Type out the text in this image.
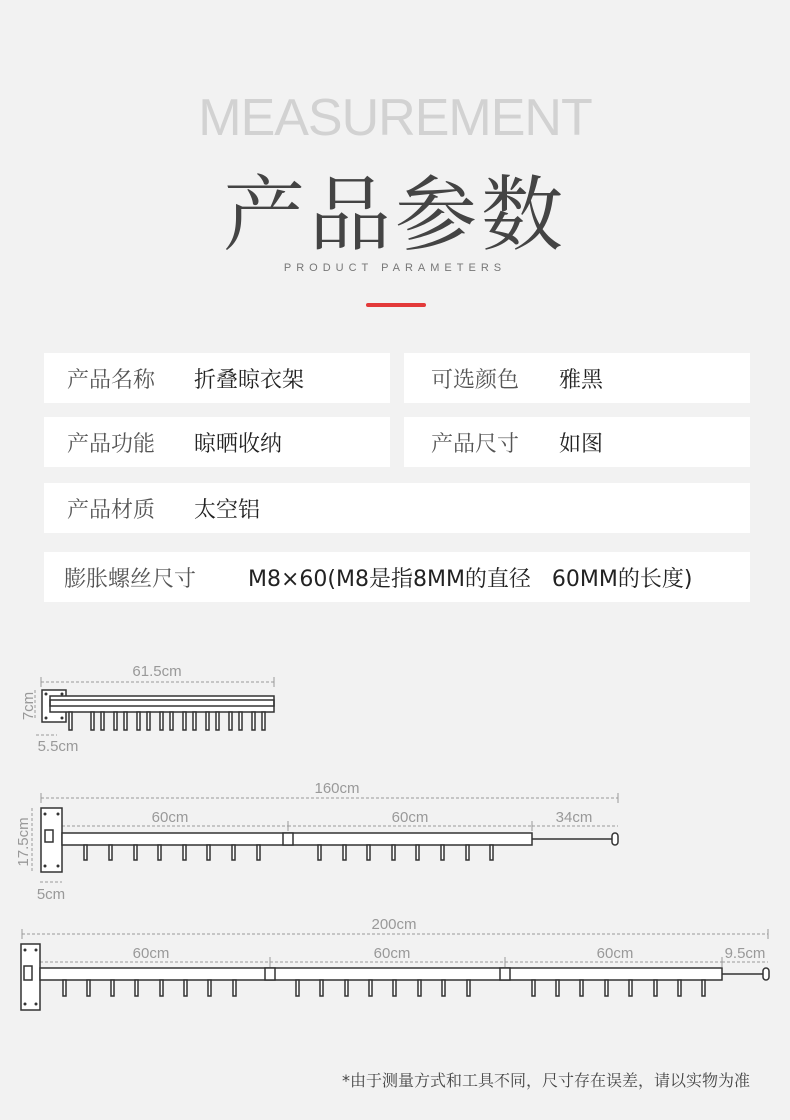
MEASUREMENT
产品参数
PRODUCT PARAMETERS
产品名称 折叠晾衣架	可选颜色 雅黑
产品功能 晾晒收纳	产品尺寸 如图
产品材质 太空铝
膨胀螺丝尺寸 M8×60(M8是指8MM的直径   60MM的长度)
61.5cm
7cm
5.5cm
160cm
60cm	60cm	34cm
17.5cm
5cm
200cm
60cm	60cm	60cm	9.5cm
*由于测量方式和工具不同，尺寸存在误差，请以实物为准
